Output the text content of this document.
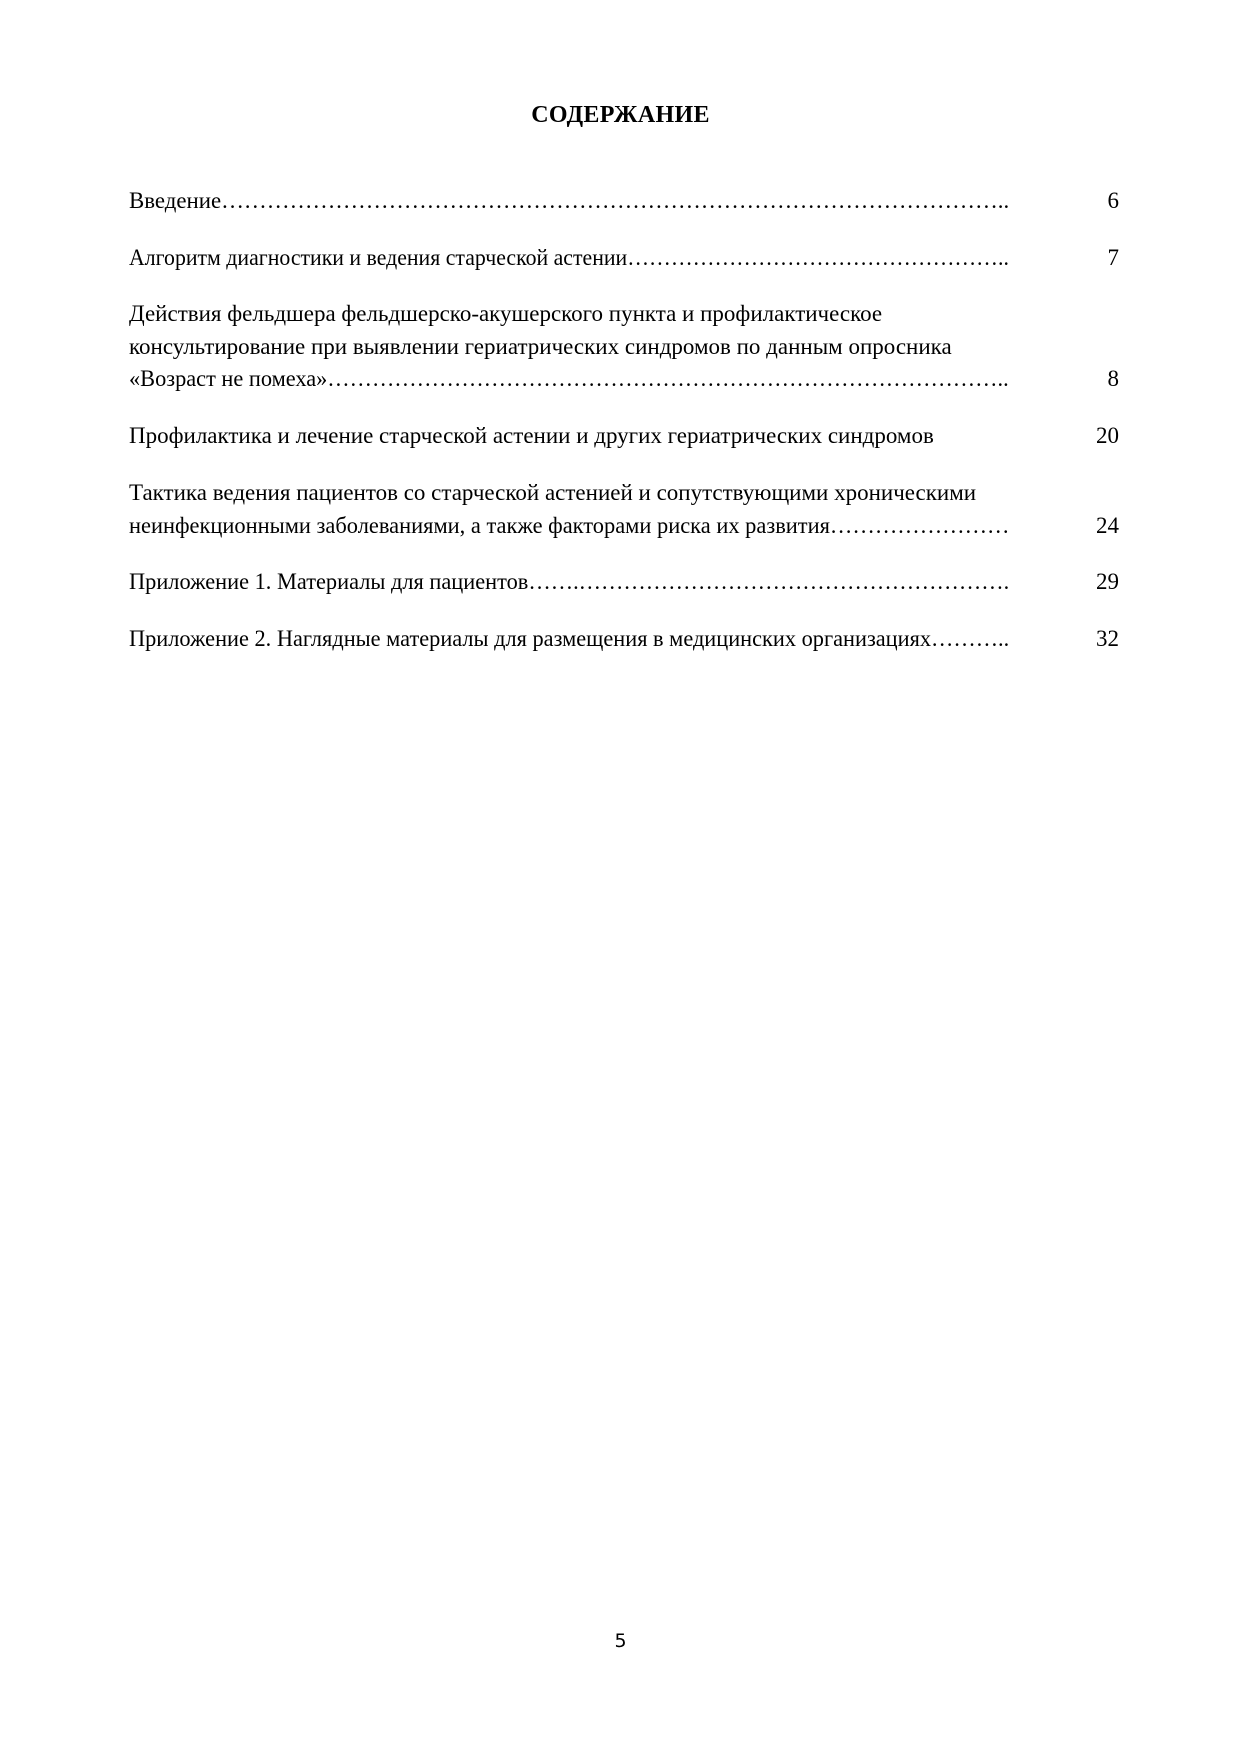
СОДЕРЖАНИЕ
Введение…………………………………………………………………………………………..	6
Алгоритм диагностики и ведения старческой астении……………………………………………..	7
Действия фельдшера фельдшерско-акушерского пункта и профилактическое
консультирование при выявлении гериатрических синдромов по данным опросника
«Возраст не помеха»………………………………………………………………………………..	8
Профилактика и лечение старческой астении и других гериатрических синдромов	20
Тактика ведения пациентов со старческой астенией и сопутствующими хроническими
неинфекционными заболеваниями, а также факторами риска их развития……………………	24
Приложение 1. Материалы для пациентов…….………………………………………………….	29
Приложение 2. Наглядные материалы для размещения в медицинских организациях………..	32
5
